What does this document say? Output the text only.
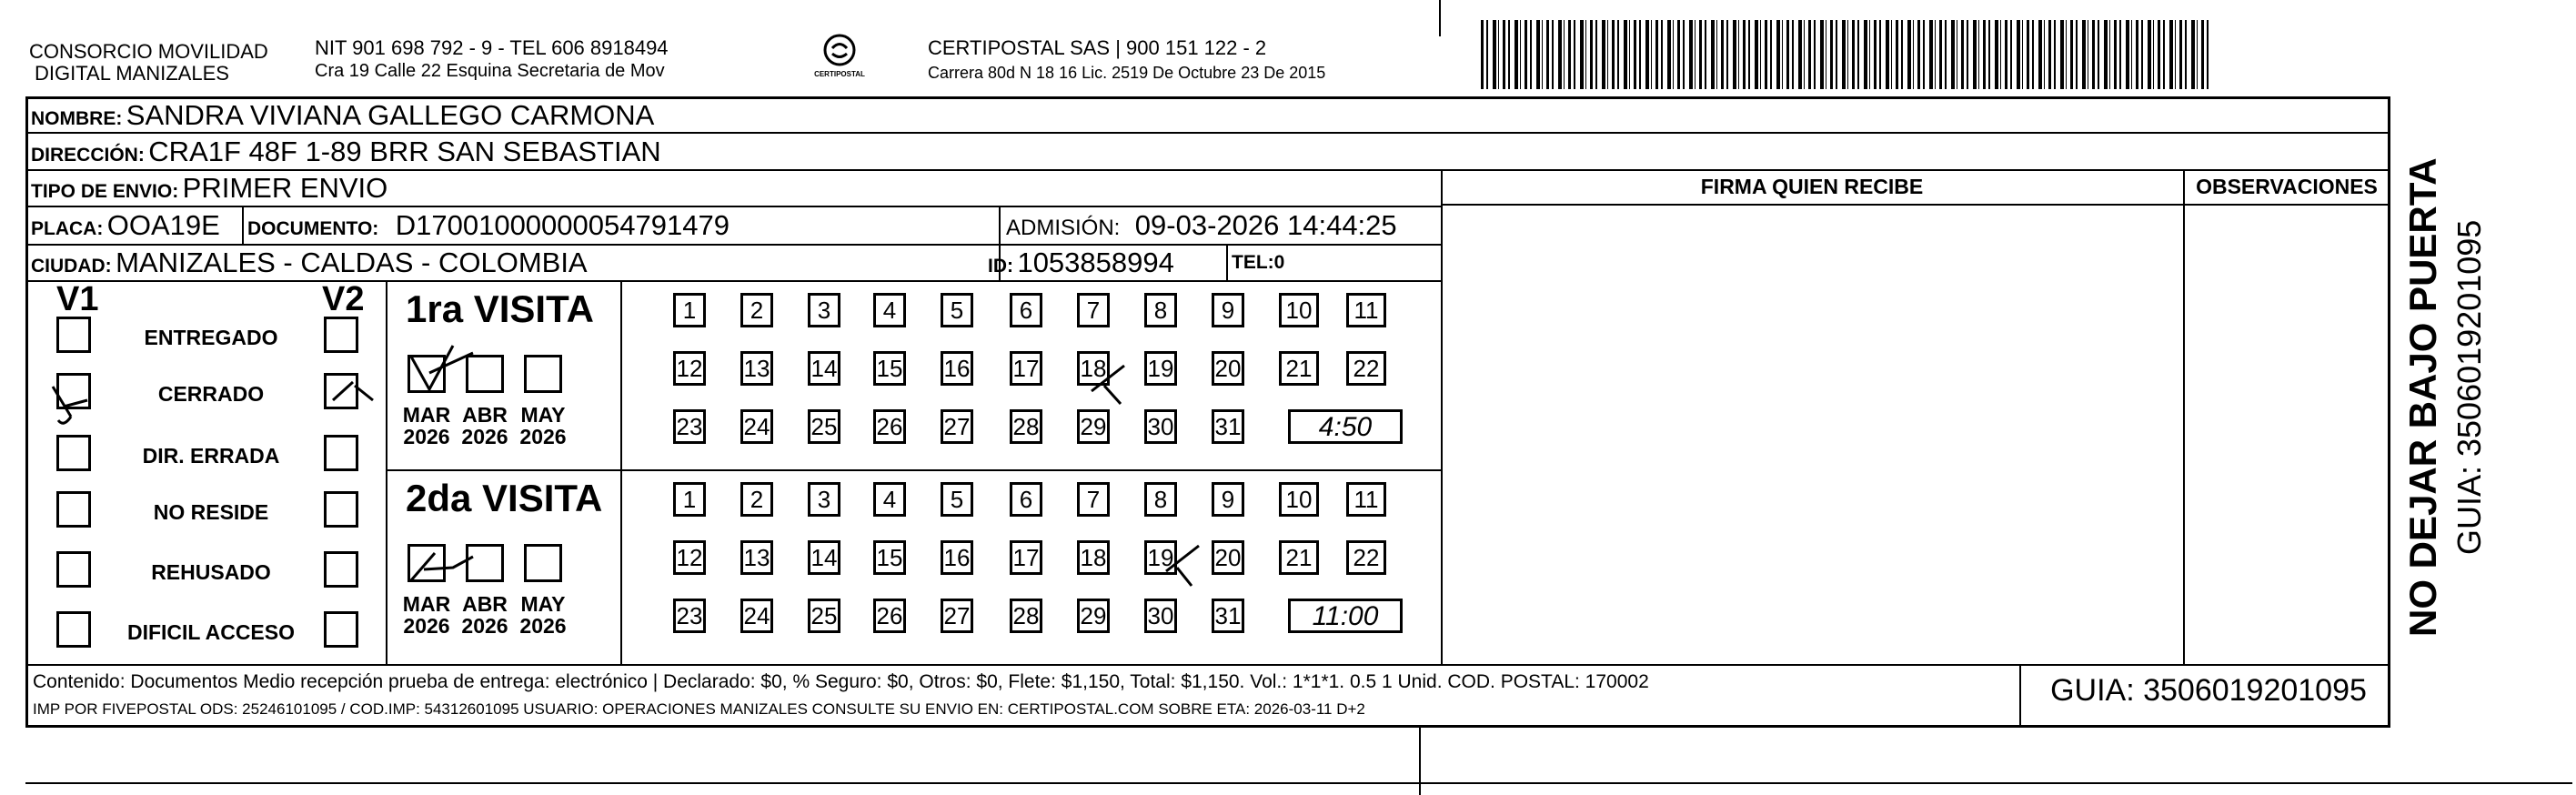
CONSORCIO MOVILIDAD
DIGITAL MANIZALES
NIT 901 698 792 - 9 - TEL 606 8918494
Cra 19 Calle 22 Esquina Secretaria de Mov	CERTIPOSTAL
CERTIPOSTAL SAS | 900 151 122 - 2
Carrera 80d N 18 16 Lic. 2519 De Octubre 23 De 2015
NOMBRE: SANDRA VIVIANA GALLEGO CARMONA
DIRECCIÓN: CRA1F 48F 1-89 BRR SAN SEBASTIAN
TIPO DE ENVIO: PRIMER ENVIO
PLACA: OOA19E DOCUMENTO: D17001000000054791479	ADMISIÓN: 09-03-2026 14:44:25
CIUDAD: MANIZALES - CALDAS - COLOMBIA	ID: 1053858994	TEL:0
FIRMA QUIEN RECIBE	OBSERVACIONES
V1	V2
ENTREGADO
CERRADO
DIR. ERRADA
NO RESIDE
REHUSADO
DIFICIL ACCESO
1ra VISITA
MAR
2026
ABR
2026
MAY
2026
1	2	3	4	5	6	7	8	9	10	11
12 13 14 15 16 17 18 19 20 21 22
23 24 25 26 27 28 29 30 31	4:50
2da VISITA
MAR
2026
ABR
2026
MAY
2026
1	2	3	4	5	6	7	8	9	10	11
12 13 14 15 16 17 18 19 20 21 22
23 24 25 26 27 28 29 30 31	11:00
Contenido: Documentos Medio recepción prueba de entrega: electrónico | Declarado: $0, % Seguro: $0, Otros: $0, Flete: $1,150, Total: $1,150. Vol.: 1*1*1. 0.5 1 Unid. COD. POSTAL: 170002
IMP POR FIVEPOSTAL ODS: 25246101095 / COD.IMP: 54312601095 USUARIO: OPERACIONES MANIZALES CONSULTE SU ENVIO EN: CERTIPOSTAL.COM SOBRE ETA: 2026-03-11 D+2
GUIA: 3506019201095
NO DEJAR BAJO PUERTA GUIA: 3506019201095
